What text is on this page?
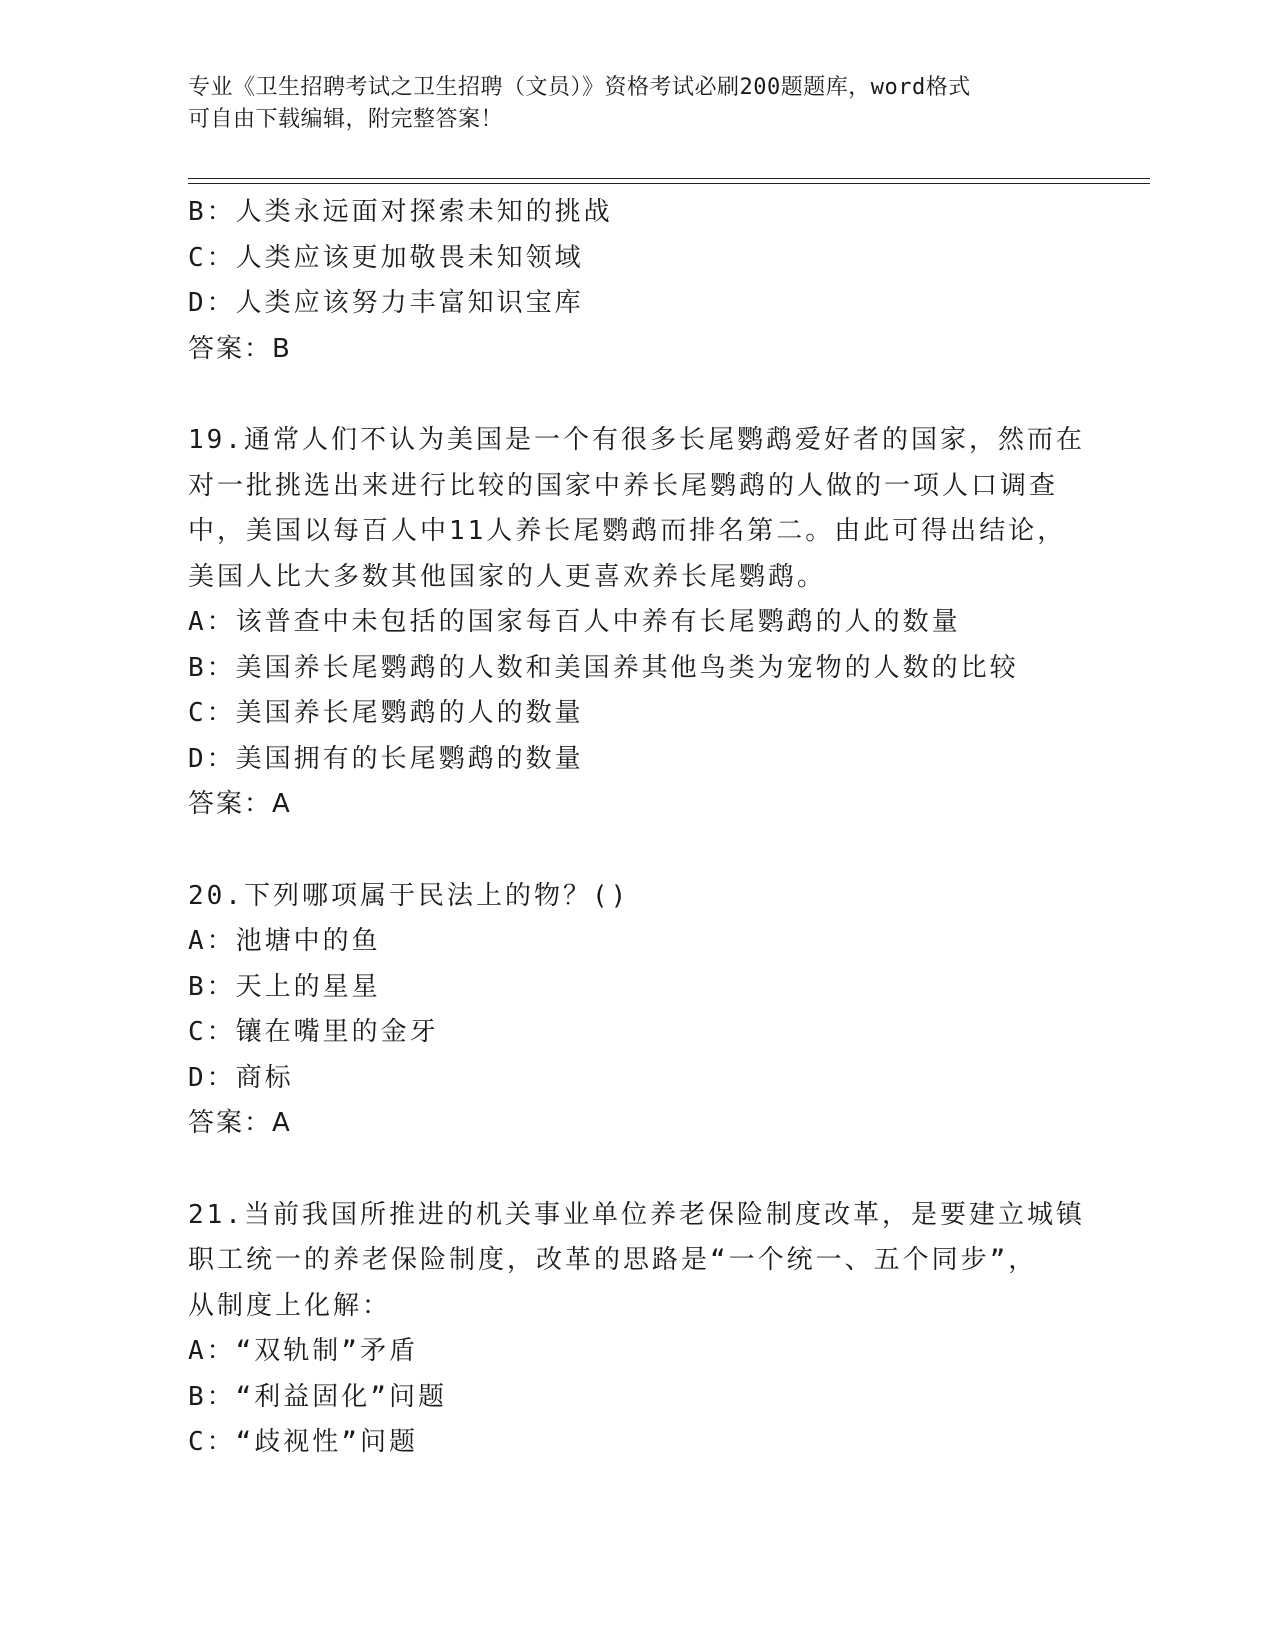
专业《卫生招聘考试之卫生招聘（文员）》资格考试必刷200题题库，word格式
可自由下载编辑，附完整答案！
B：人类永远面对探索未知的挑战
C：人类应该更加敬畏未知领域
D：人类应该努力丰富知识宝库
答案：B
19.通常人们不认为美国是一个有很多长尾鹦鹉爱好者的国家，然而在
对一批挑选出来进行比较的国家中养长尾鹦鹉的人做的一项人口调查
中，美国以每百人中11人养长尾鹦鹉而排名第二。由此可得出结论，
美国人比大多数其他国家的人更喜欢养长尾鹦鹉。
A：该普查中未包括的国家每百人中养有长尾鹦鹉的人的数量
B：美国养长尾鹦鹉的人数和美国养其他鸟类为宠物的人数的比较
C：美国养长尾鹦鹉的人的数量
D：美国拥有的长尾鹦鹉的数量
答案：A
20.下列哪项属于民法上的物？()
A：池塘中的鱼
B：天上的星星
C：镶在嘴里的金牙
D：商标
答案：A
21.当前我国所推进的机关事业单位养老保险制度改革，是要建立城镇
职工统一的养老保险制度，改革的思路是“一个统一、五个同步”，
从制度上化解：
A：“双轨制”矛盾
B：“利益固化”问题
C：“歧视性”问题
